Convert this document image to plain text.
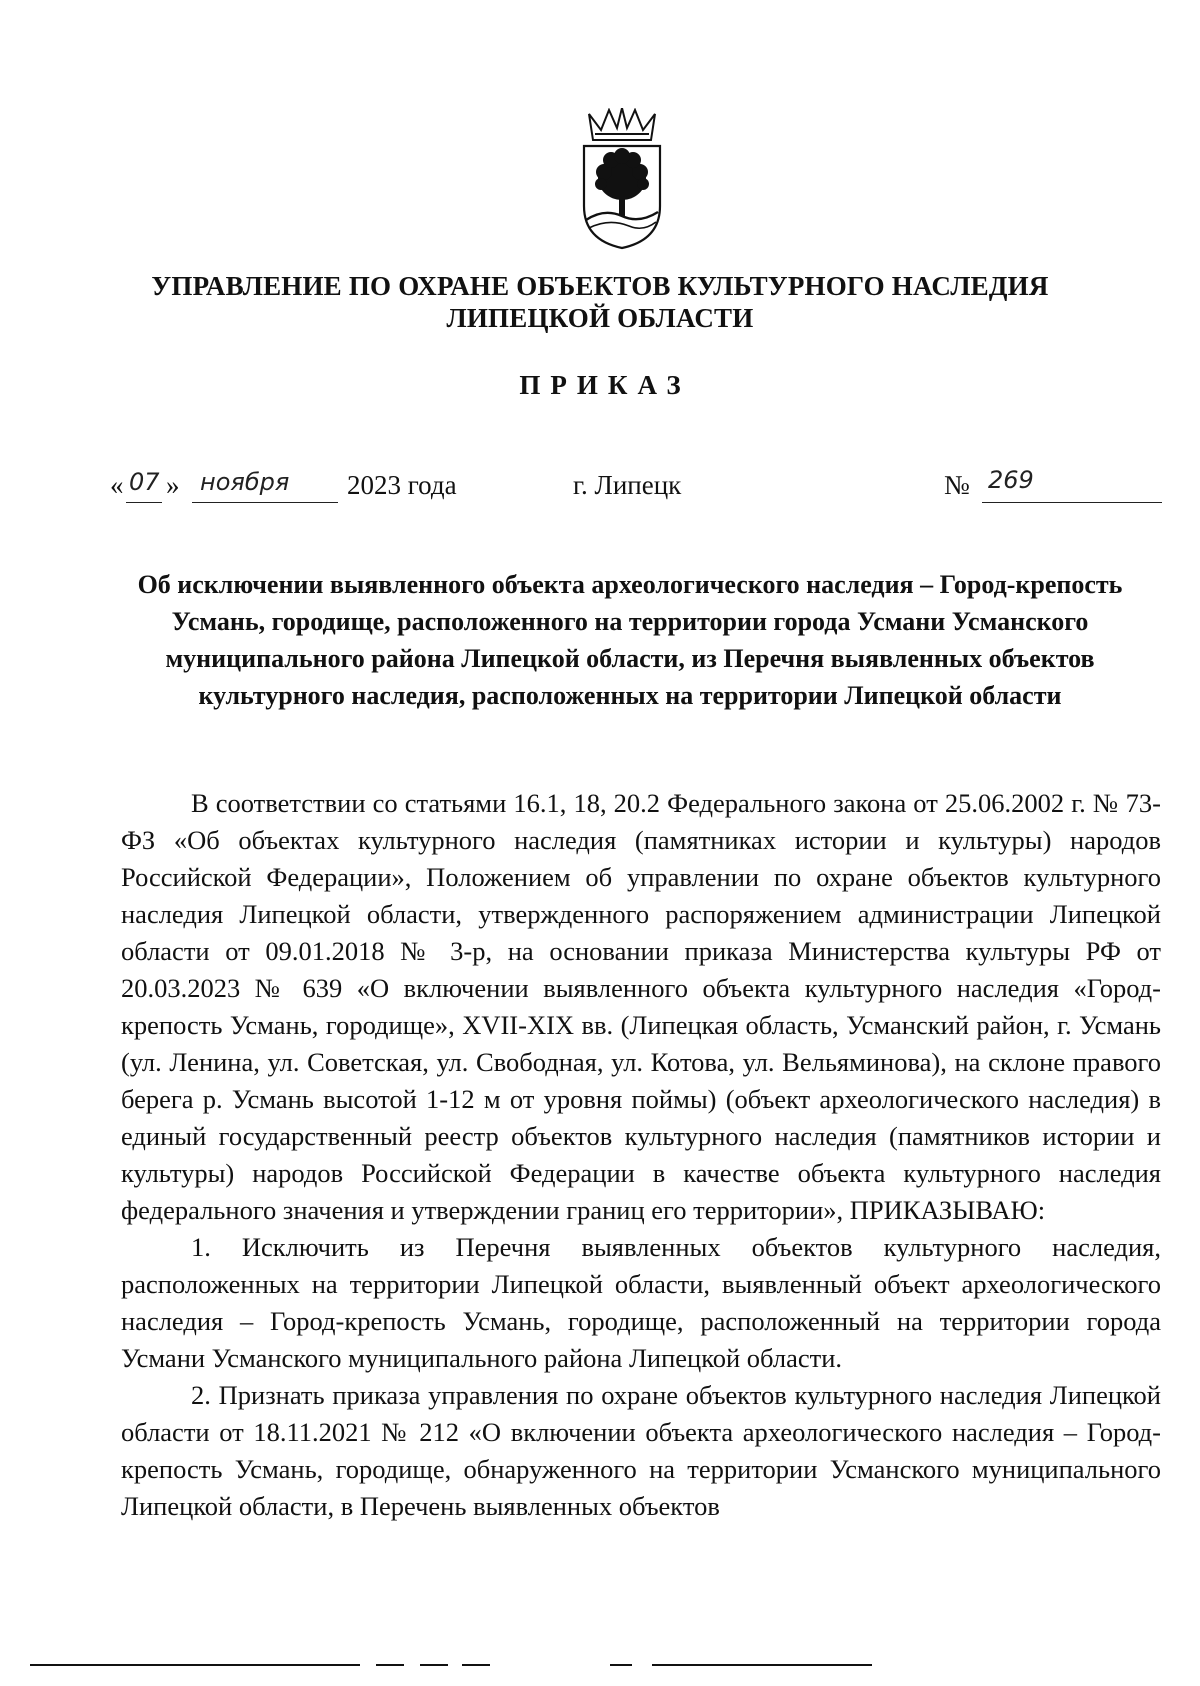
УПРАВЛЕНИЕ ПО ОХРАНЕ ОБЪЕКТОВ КУЛЬТУРНОГО НАСЛЕДИЯ
ЛИПЕЦКОЙ ОБЛАСТИ
ПРИКАЗ
« 07 » ноября 2023 года	г. Липецк	№ 269
Об исключении выявленного объекта археологического наследия – Город-крепость Усмань, городище, расположенного на территории города Усмани Усманского муниципального района Липецкой области, из Перечня выявленных объектов культурного наследия, расположенных на территории Липецкой области

В соответствии со статьями 16.1, 18, 20.2 Федерального закона от 25.06.2002 г. № 73-ФЗ «Об объектах культурного наследия (памятниках истории и культуры) народов Российской Федерации», Положением об управлении по охране объектов культурного наследия Липецкой области, утвержденного распоряжением администрации Липецкой области от 09.01.2018 № 3-р, на основании приказа Министерства культуры РФ от 20.03.2023 № 639 «О включении выявленного объекта культурного наследия «Город-крепость Усмань, городище», XVII-XIX вв. (Липецкая область, Усманский район, г. Усмань (ул. Ленина, ул. Советская, ул. Свободная, ул. Котова, ул. Вельяминова), на склоне правого берега р. Усмань высотой 1-12 м от уровня поймы) (объект археологического наследия) в единый государственный реестр объектов культурного наследия (памятников истории и культуры) народов Российской Федерации в качестве объекта культурного наследия федерального значения и утверждении границ его территории», ПРИКАЗЫВАЮ:

1. Исключить из Перечня выявленных объектов культурного наследия, расположенных на территории Липецкой области, выявленный объект археологического наследия – Город-крепость Усмань, городище, расположенный на территории города Усмани Усманского муниципального района Липецкой области.

2. Признать приказа управления по охране объектов культурного наследия Липецкой области от 18.11.2021 № 212 «О включении объекта археологического наследия – Город-крепость Усмань, городище, обнаруженного на территории Усманского муниципального Липецкой области, в Перечень выявленных объектов
